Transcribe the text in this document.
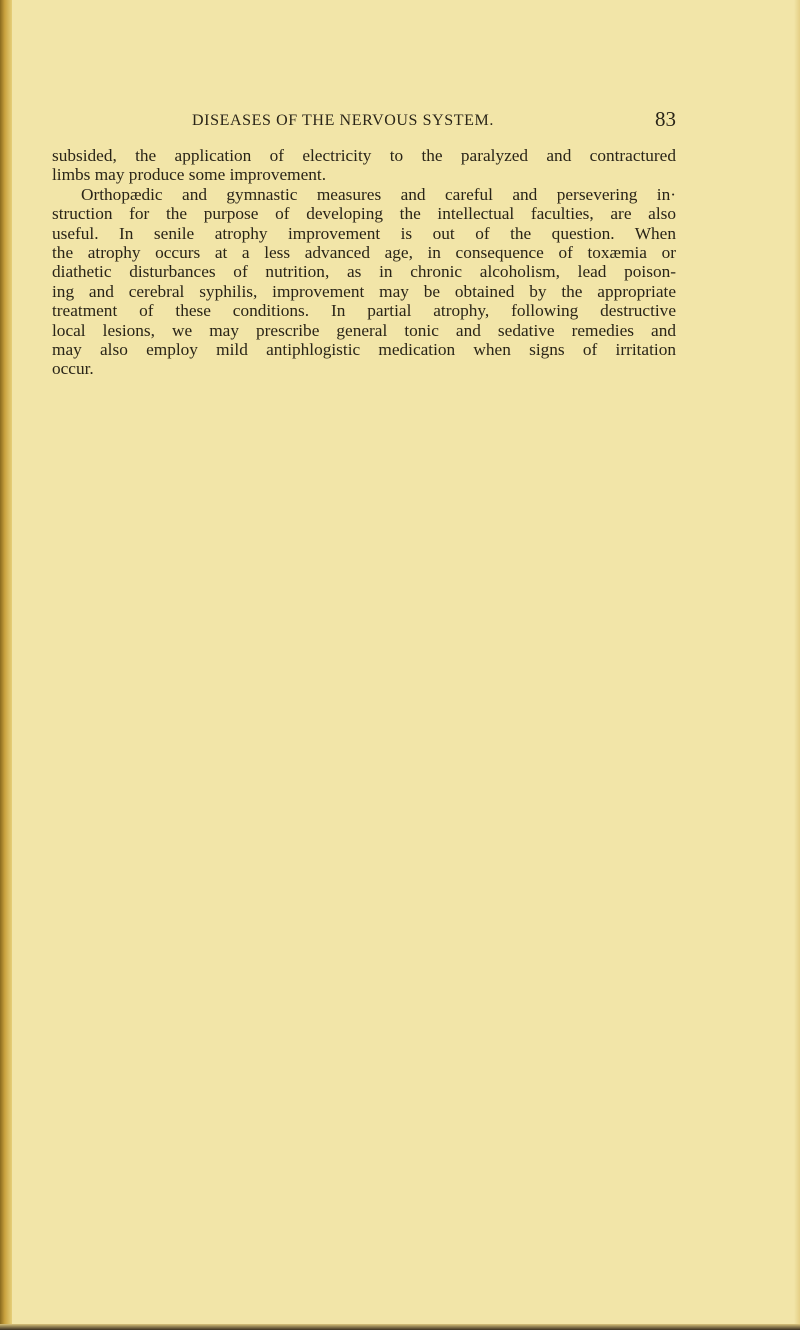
DISEASES OF THE NERVOUS SYSTEM.	83
subsided, the application of electricity to the paralyzed and contractured
limbs may produce some improvement.
Orthopædic and gymnastic measures and careful and persevering in·
struction for the purpose of developing the intellectual faculties, are also
useful. In senile atrophy improvement is out of the question. When
the atrophy occurs at a less advanced age, in consequence of toxæmia or
diathetic disturbances of nutrition, as in chronic alcoholism, lead poison-
ing and cerebral syphilis, improvement may be obtained by the appropriate
treatment of these conditions. In partial atrophy, following destructive
local lesions, we may prescribe general tonic and sedative remedies and
may also employ mild antiphlogistic medication when signs of irritation
occur.
